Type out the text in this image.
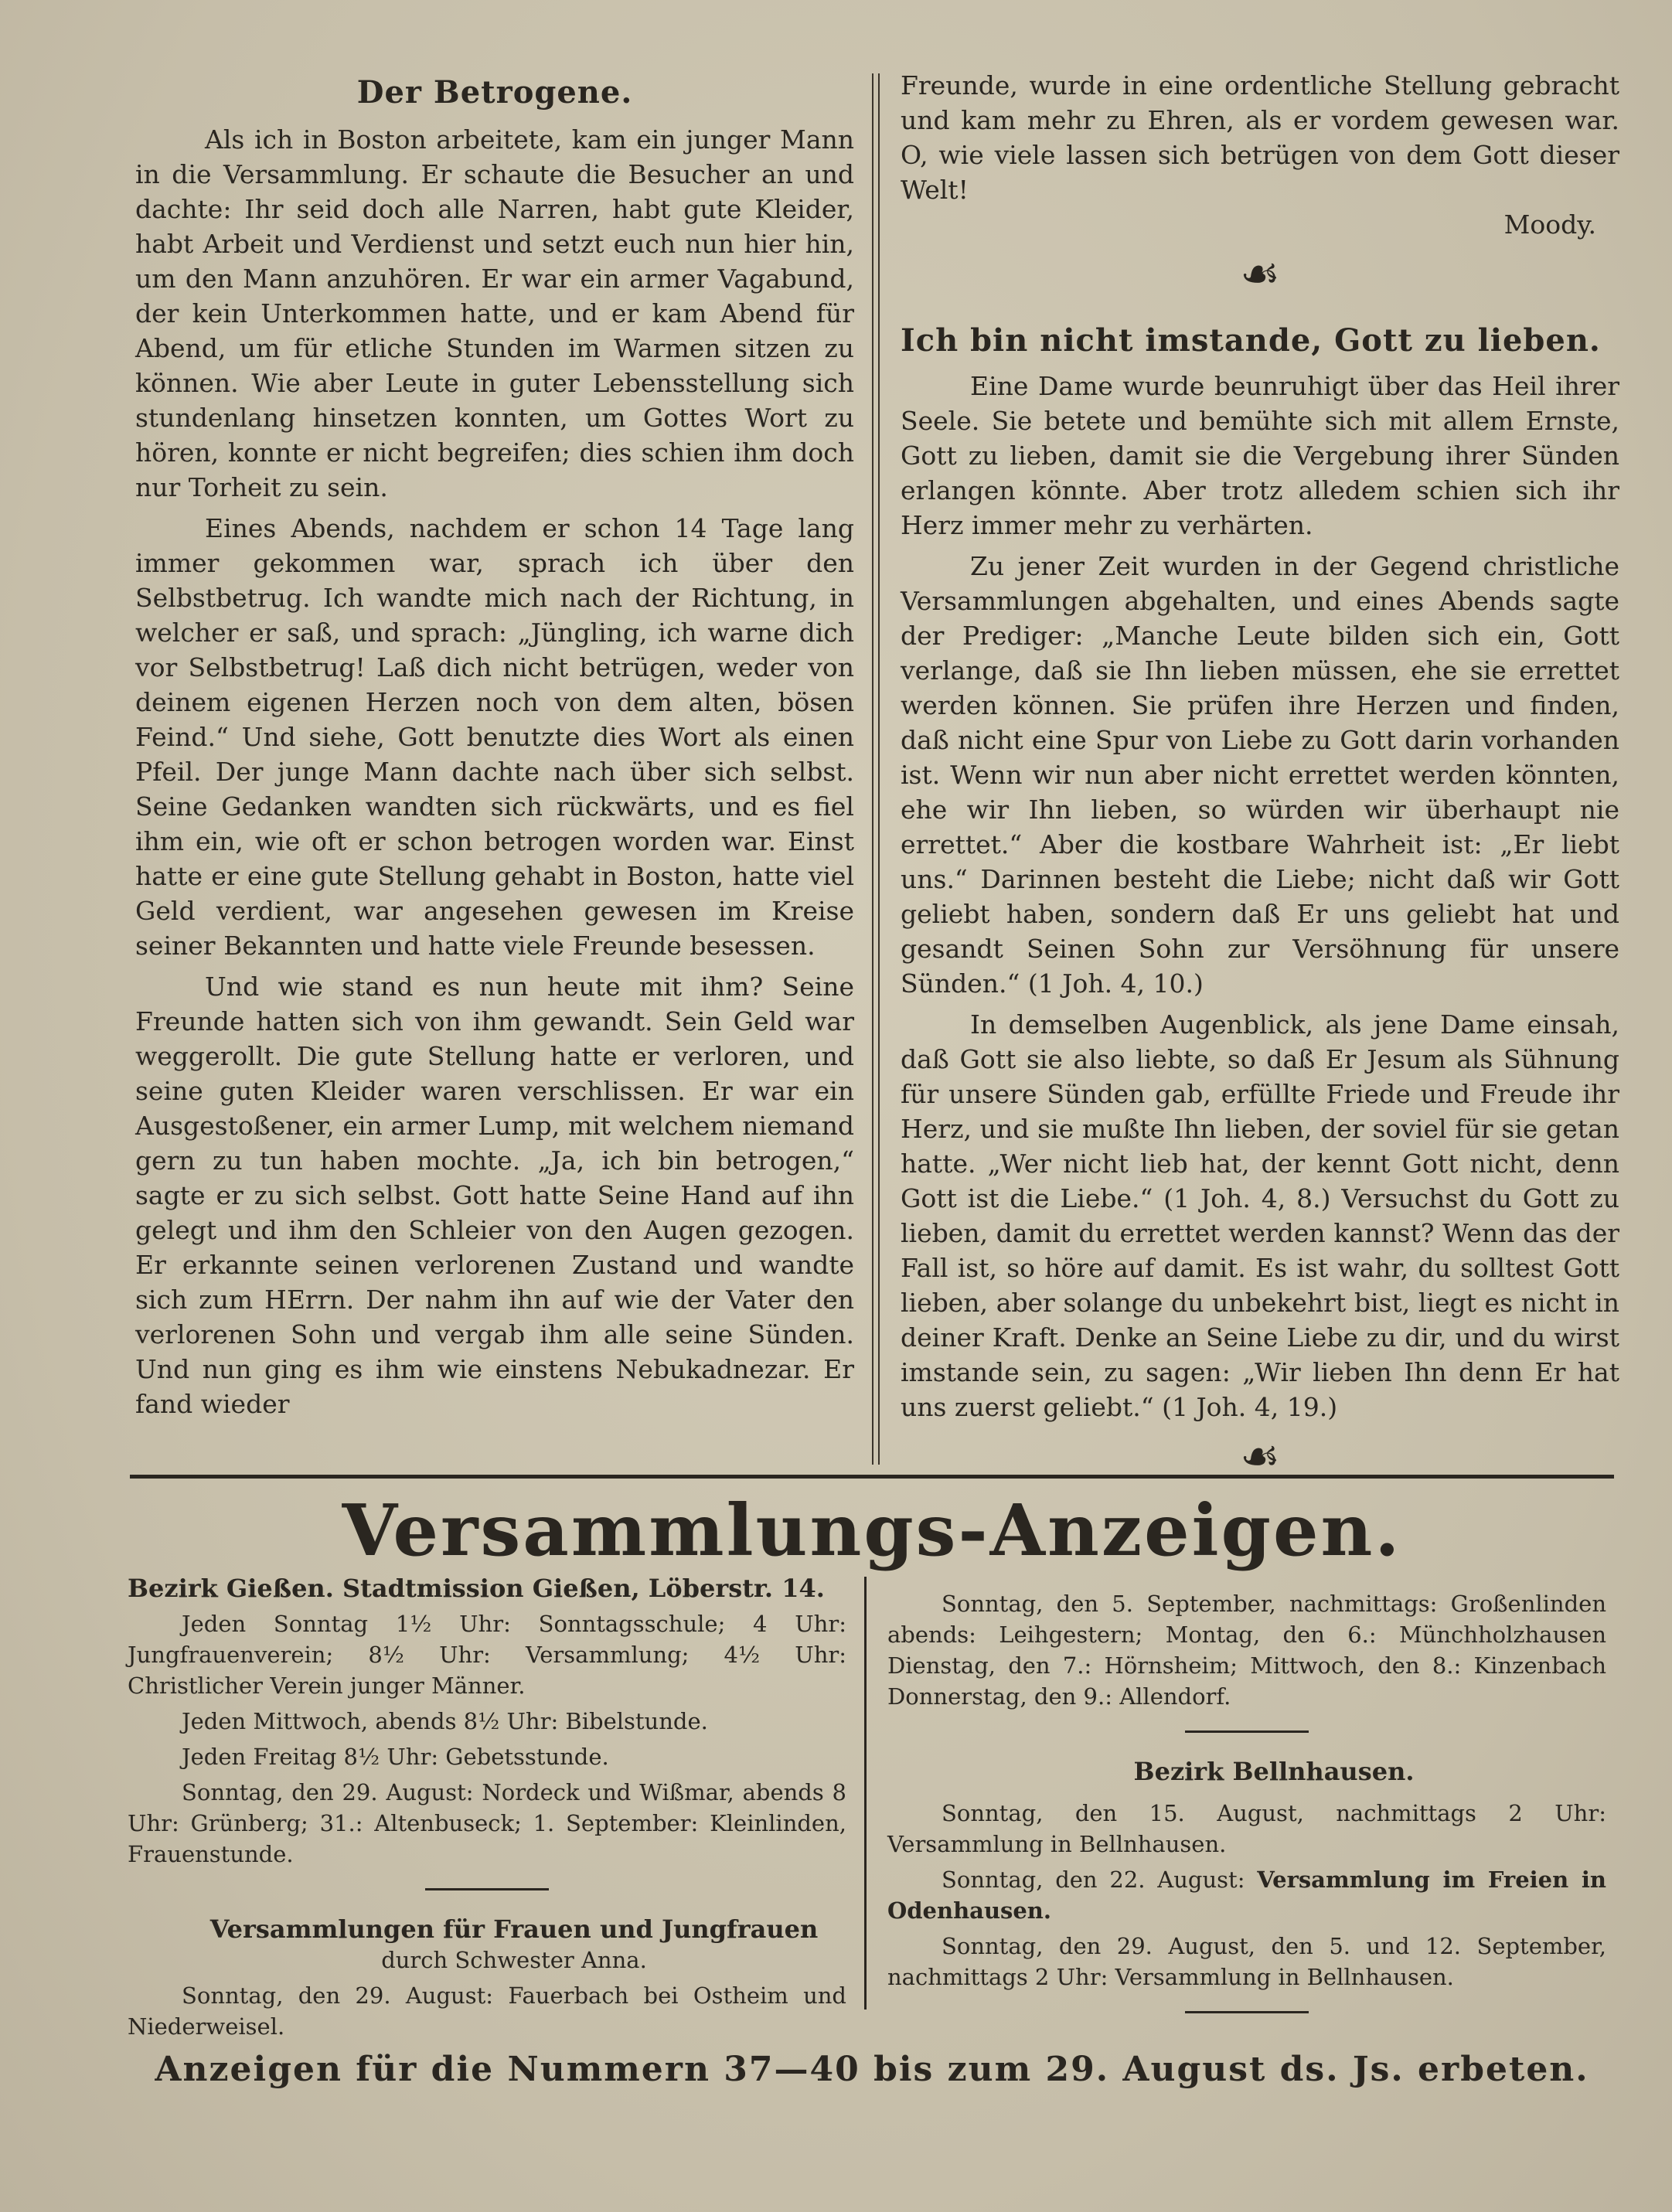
Der Betrogene.

Als ich in Boston arbeitete, kam ein junger Mann in die Versammlung. Er schaute die Besucher an und dachte: Ihr seid doch alle Narren, habt gute Kleider, habt Arbeit und Verdienst und setzt euch nun hier hin, um den Mann anzuhören. Er war ein armer Vagabund, der kein Unterkommen hatte, und er kam Abend für Abend, um für etliche Stunden im Warmen sitzen zu können. Wie aber Leute in guter Lebensstellung sich stundenlang hinsetzen konnten, um Gottes Wort zu hören, konnte er nicht begreifen; dies schien ihm doch nur Torheit zu sein.

Eines Abends, nachdem er schon 14 Tage lang immer gekommen war, sprach ich über den Selbstbetrug. Ich wandte mich nach der Richtung, in welcher er saß, und sprach: „Jüngling, ich warne dich vor Selbstbetrug! Laß dich nicht betrügen, weder von deinem eigenen Herzen noch von dem alten, bösen Feind.“ Und siehe, Gott benutzte dies Wort als einen Pfeil. Der junge Mann dachte nach über sich selbst. Seine Gedanken wandten sich rückwärts, und es fiel ihm ein, wie oft er schon betrogen worden war. Einst hatte er eine gute Stellung gehabt in Boston, hatte viel Geld verdient, war angesehen gewesen im Kreise seiner Bekannten und hatte viele Freunde besessen.

Und wie stand es nun heute mit ihm? Seine Freunde hatten sich von ihm gewandt. Sein Geld war weggerollt. Die gute Stellung hatte er verloren, und seine guten Kleider waren verschlissen. Er war ein Ausgestoßener, ein armer Lump, mit welchem niemand gern zu tun haben mochte. „Ja, ich bin betrogen,“ sagte er zu sich selbst. Gott hatte Seine Hand auf ihn gelegt und ihm den Schleier von den Augen gezogen. Er erkannte seinen verlorenen Zustand und wandte sich zum HErrn. Der nahm ihn auf wie der Vater den verlorenen Sohn und vergab ihm alle seine Sünden. Und nun ging es ihm wie einstens Nebukadnezar. Er fand wieder

Freunde, wurde in eine ordentliche Stellung gebracht und kam mehr zu Ehren, als er vordem gewesen war. O, wie viele lassen sich betrügen von dem Gott dieser Welt!

Moody.
☙
Ich bin nicht imstande, Gott zu lieben.

Eine Dame wurde beunruhigt über das Heil ihrer Seele. Sie betete und bemühte sich mit allem Ernste, Gott zu lieben, damit sie die Vergebung ihrer Sünden erlangen könnte. Aber trotz alledem schien sich ihr Herz immer mehr zu verhärten.

Zu jener Zeit wurden in der Gegend christliche Versammlungen abgehalten, und eines Abends sagte der Prediger: „Manche Leute bilden sich ein, Gott verlange, daß sie Ihn lieben müssen, ehe sie errettet werden können. Sie prüfen ihre Herzen und finden, daß nicht eine Spur von Liebe zu Gott darin vorhanden ist. Wenn wir nun aber nicht errettet werden könnten, ehe wir Ihn lieben, so würden wir überhaupt nie errettet.“ Aber die kostbare Wahrheit ist: „Er liebt uns.“ Darinnen besteht die Liebe; nicht daß wir Gott geliebt haben, sondern daß Er uns geliebt hat und gesandt Seinen Sohn zur Versöhnung für unsere Sünden.“ (1 Joh. 4, 10.)

In demselben Augenblick, als jene Dame einsah, daß Gott sie also liebte, so daß Er Jesum als Sühnung für unsere Sünden gab, erfüllte Friede und Freude ihr Herz, und sie mußte Ihn lieben, der soviel für sie getan hatte. „Wer nicht lieb hat, der kennt Gott nicht, denn Gott ist die Liebe.“ (1 Joh. 4, 8.) Versuchst du Gott zu lieben, damit du errettet werden kannst? Wenn das der Fall ist, so höre auf damit. Es ist wahr, du solltest Gott lieben, aber solange du unbekehrt bist, liegt es nicht in deiner Kraft. Denke an Seine Liebe zu dir, und du wirst imstande sein, zu sagen: „Wir lieben Ihn denn Er hat uns zuerst geliebt.“ (1 Joh. 4, 19.)

☙
Versammlungs-Anzeigen.

Bezirk Gießen. Stadtmission Gießen, Löberstr. 14.

Jeden Sonntag 1½ Uhr: Sonntagsschule; 4 Uhr: Jungfrauenverein; 8½ Uhr: Versammlung; 4½ Uhr: Christlicher Verein junger Männer.

Jeden Mittwoch, abends 8½ Uhr: Bibelstunde.

Jeden Freitag 8½ Uhr: Gebetsstunde.

Sonntag, den 29. August: Nordeck und Wißmar, abends 8 Uhr: Grünberg; 31.: Altenbuseck; 1. September: Kleinlinden, Frauenstunde.

Versammlungen für Frauen und Jungfrauen

durch Schwester Anna.

Sonntag, den 29. August: Fauerbach bei Ostheim und Niederweisel.

Sonntag, den 5. September, nachmittags: Großenlinden abends: Leihgestern; Montag, den 6.: Münchholzhausen Dienstag, den 7.: Hörnsheim; Mittwoch, den 8.: Kinzenbach Donnerstag, den 9.: Allendorf.

Bezirk Bellnhausen.

Sonntag, den 15. August, nachmittags 2 Uhr: Versammlung in Bellnhausen.

Sonntag, den 22. August: Versammlung im Freien in Odenhausen.

Sonntag, den 29. August, den 5. und 12. September, nachmittags 2 Uhr: Versammlung in Bellnhausen.

Anzeigen für die Nummern 37—40 bis zum 29. August ds. Js. erbeten.
